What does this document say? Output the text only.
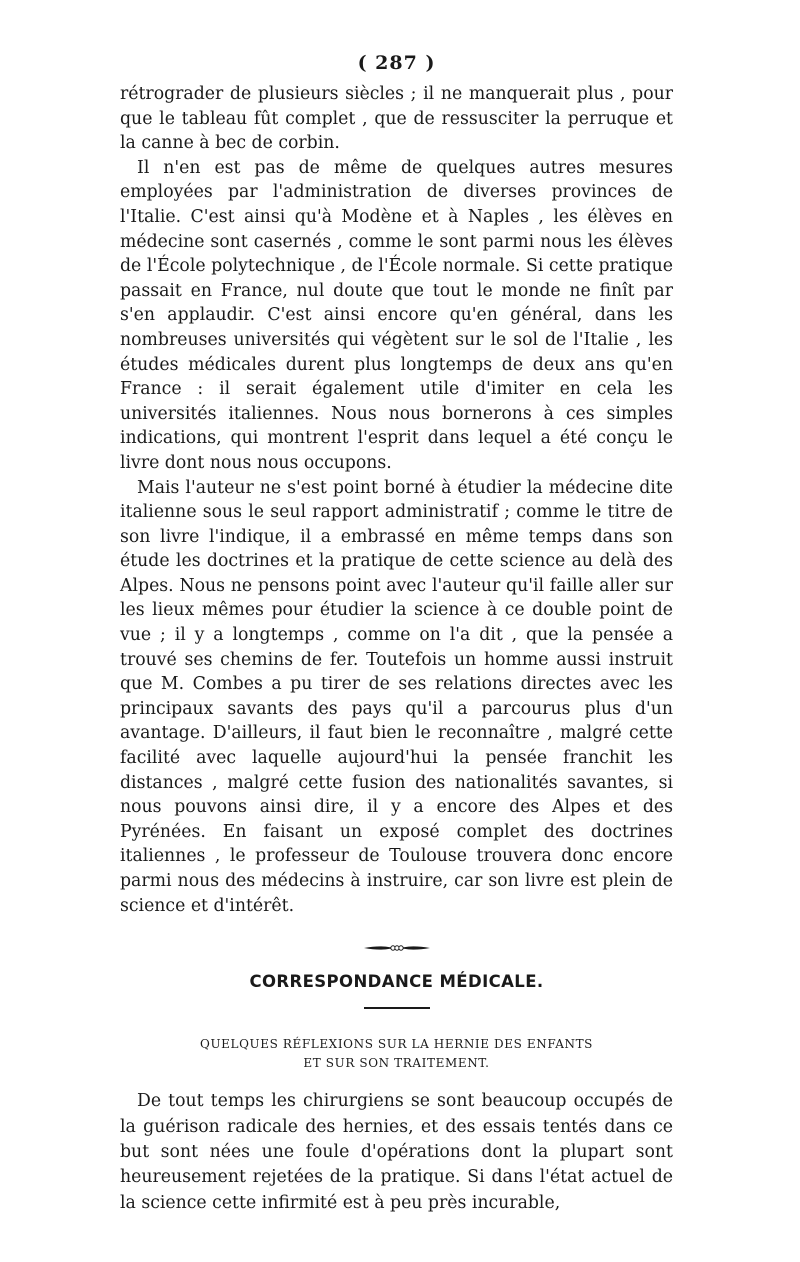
( 287 )

rétrograder de plusieurs siècles ; il ne manquerait plus , pour que le tableau fût complet , que de ressusciter la perruque et la canne à bec de corbin.

Il n'en est pas de même de quelques autres mesures employées par l'administration de diverses provinces de l'Italie. C'est ainsi qu'à Modène et à Naples , les élèves en médecine sont casernés , comme le sont parmi nous les élèves de l'École polytechnique , de l'École normale. Si cette pratique passait en France, nul doute que tout le monde ne finît par s'en applaudir. C'est ainsi encore qu'en général, dans les nombreuses universités qui végètent sur le sol de l'Italie , les études médicales durent plus longtemps de deux ans qu'en France : il serait également utile d'imiter en cela les universités italiennes. Nous nous bornerons à ces simples indications, qui montrent l'esprit dans lequel a été conçu le livre dont nous nous occupons.

Mais l'auteur ne s'est point borné à étudier la médecine dite italienne sous le seul rapport administratif ; comme le titre de son livre l'indique, il a embrassé en même temps dans son étude les doctrines et la pratique de cette science au delà des Alpes. Nous ne pensons point avec l'auteur qu'il faille aller sur les lieux mêmes pour étudier la science à ce double point de vue ; il y a longtemps , comme on l'a dit , que la pensée a trouvé ses chemins de fer. Toutefois un homme aussi instruit que M. Combes a pu tirer de ses relations directes avec les principaux savants des pays qu'il a parcourus plus d'un avantage. D'ailleurs, il faut bien le reconnaître , malgré cette facilité avec laquelle aujourd'hui la pensée franchit les distances , malgré cette fusion des nationalités savantes, si nous pouvons ainsi dire, il y a encore des Alpes et des Pyrénées. En faisant un exposé complet des doctrines italiennes , le professeur de Toulouse trouvera donc encore parmi nous des médecins à instruire, car son livre est plein de science et d'intérêt.

CORRESPONDANCE MÉDICALE.
QUELQUES RÉFLEXIONS SUR LA HERNIE DES ENFANTS
ET SUR SON TRAITEMENT.

De tout temps les chirurgiens se sont beaucoup occupés de la guérison radicale des hernies, et des essais tentés dans ce but sont nées une foule d'opérations dont la plupart sont heureusement rejetées de la pratique. Si dans l'état actuel de la science cette infirmité est à peu près incurable,
